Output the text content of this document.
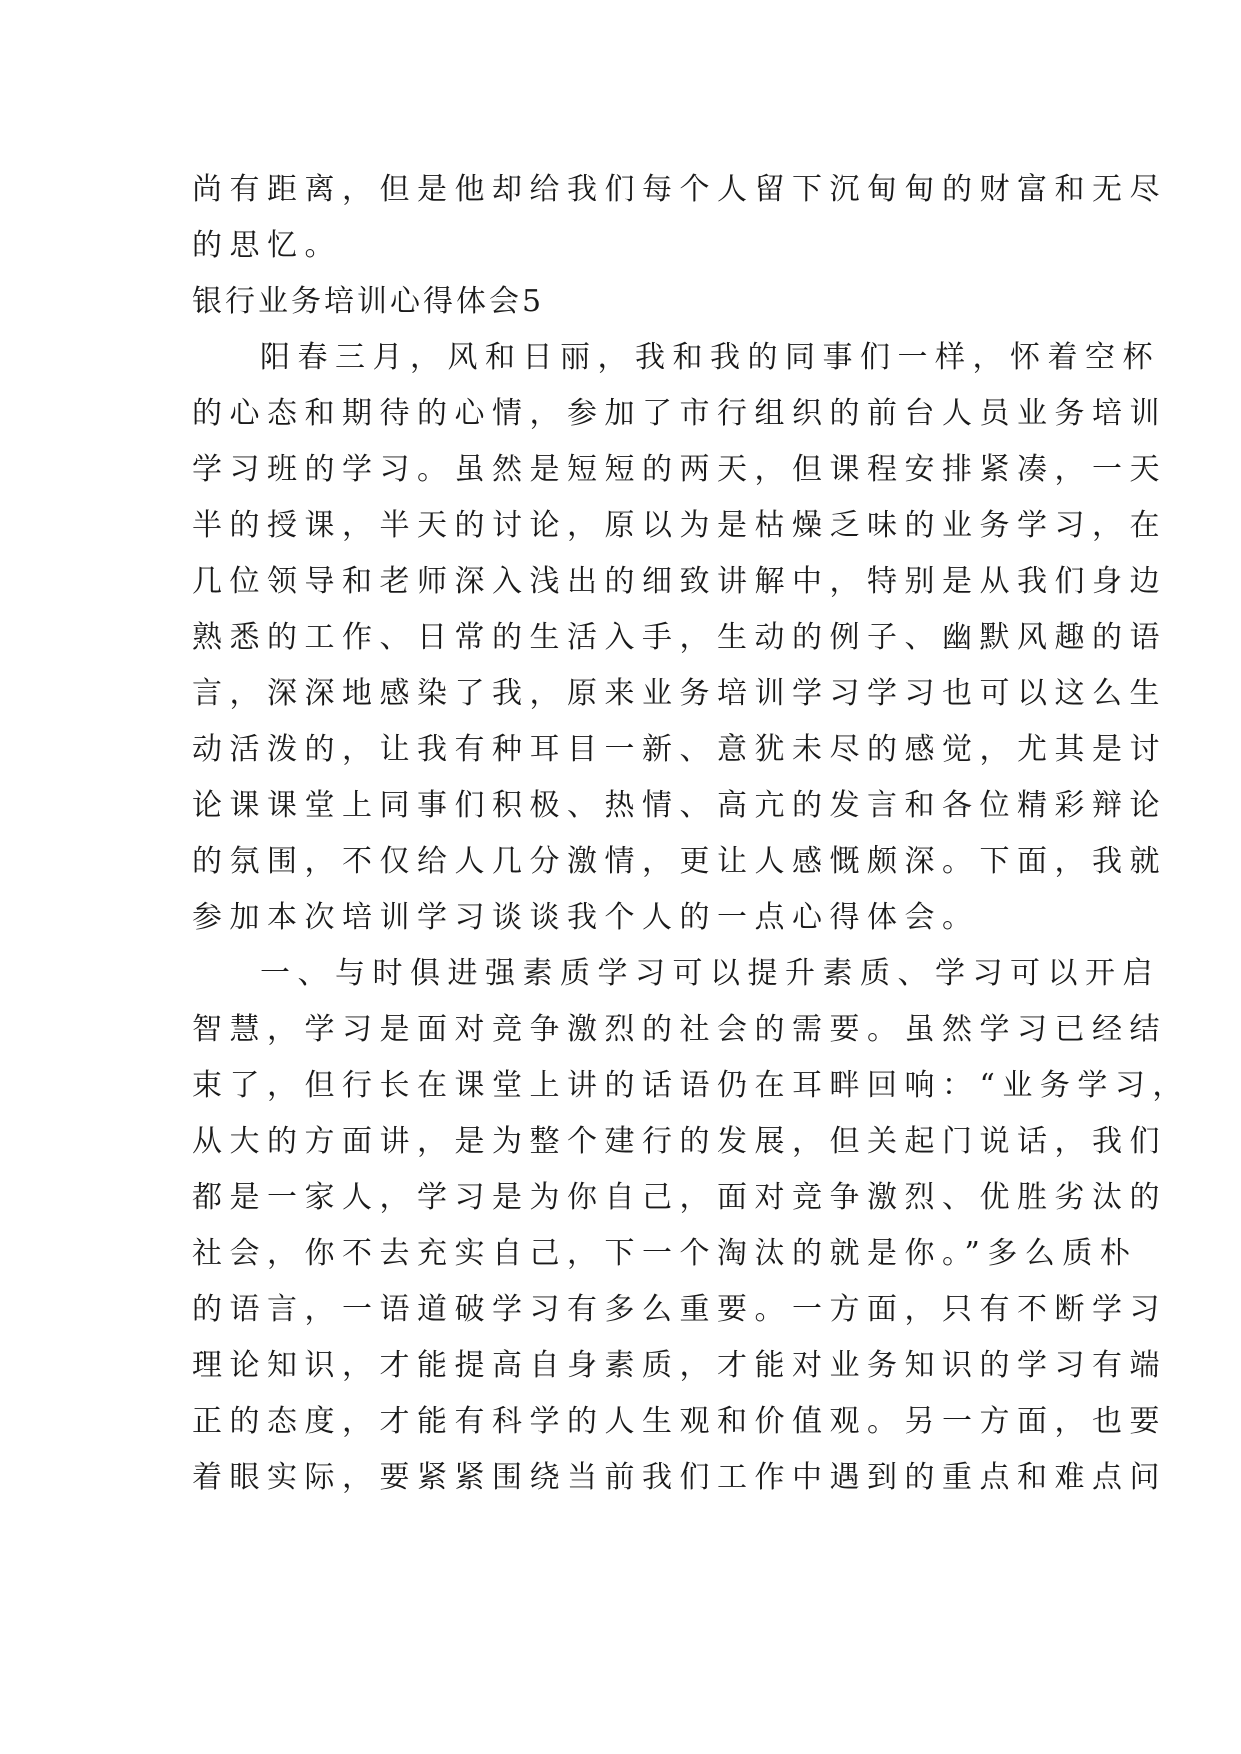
尚有距离，但是他却给我们每个人留下沉甸甸的财富和无尽
的思忆。
银行业务培训心得体会5
阳春三月，风和日丽，我和我的同事们一样，怀着空杯
的心态和期待的心情，参加了市行组织的前台人员业务培训
学习班的学习。虽然是短短的两天，但课程安排紧凑，一天
半的授课，半天的讨论，原以为是枯燥乏味的业务学习，在
几位领导和老师深入浅出的细致讲解中，特别是从我们身边
熟悉的工作、日常的生活入手，生动的例子、幽默风趣的语
言，深深地感染了我，原来业务培训学习学习也可以这么生
动活泼的，让我有种耳目一新、意犹未尽的感觉，尤其是讨
论课课堂上同事们积极、热情、高亢的发言和各位精彩辩论
的氛围，不仅给人几分激情，更让人感慨颇深。下面，我就
参加本次培训学习谈谈我个人的一点心得体会。
一、与时俱进强素质学习可以提升素质、学习可以开启
智慧，学习是面对竞争激烈的社会的需要。虽然学习已经结
束了，但行长在课堂上讲的话语仍在耳畔回响：“业务学习，
从大的方面讲，是为整个建行的发展，但关起门说话，我们
都是一家人，学习是为你自己，面对竞争激烈、优胜劣汰的
社会，你不去充实自己，下一个淘汰的就是你。”多么质朴
的语言，一语道破学习有多么重要。一方面，只有不断学习
理论知识，才能提高自身素质，才能对业务知识的学习有端
正的态度，才能有科学的人生观和价值观。另一方面，也要
着眼实际，要紧紧围绕当前我们工作中遇到的重点和难点问
